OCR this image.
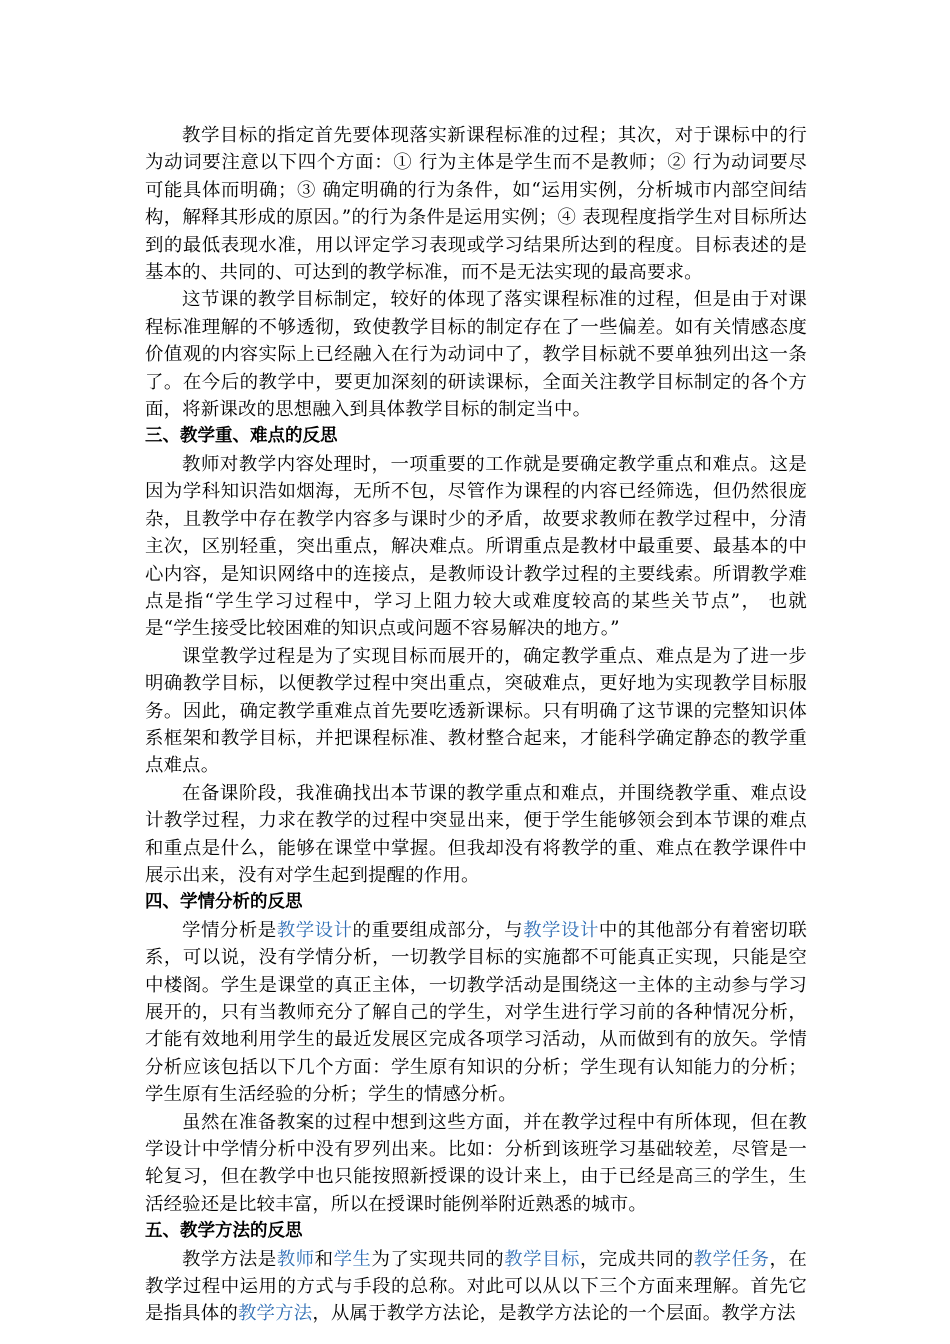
教学目标的指定首先要体现落实新课程标准的过程；其次，对于课标中的行为动词要注意以下四个方面：① 行为主体是学生而不是教师；② 行为动词要尽可能具体而明确；③ 确定明确的行为条件，如“运用实例，分析城市内部空间结构，解释其形成的原因。”的行为条件是运用实例；④ 表现程度指学生对目标所达到的最低表现水准，用以评定学习表现或学习结果所达到的程度。目标表述的是基本的、共同的、可达到的教学标准，而不是无法实现的最高要求。

这节课的教学目标制定，较好的体现了落实课程标准的过程，但是由于对课程标准理解的不够透彻，致使教学目标的制定存在了一些偏差。如有关情感态度价值观的内容实际上已经融入在行为动词中了，教学目标就不要单独列出这一条了。在今后的教学中，要更加深刻的研读课标，全面关注教学目标制定的各个方面，将新课改的思想融入到具体教学目标的制定当中。

三、教学重、难点的反思

教师对教学内容处理时，一项重要的工作就是要确定教学重点和难点。这是因为学科知识浩如烟海，无所不包，尽管作为课程的内容已经筛选，但仍然很庞杂，且教学中存在教学内容多与课时少的矛盾，故要求教师在教学过程中，分清主次，区别轻重，突出重点，解决难点。所谓重点是教材中最重要、最基本的中心内容，是知识网络中的连接点，是教师设计教学过程的主要线索。所谓教学难点是指“学生学习过程中，学习上阻力较大或难度较高的某些关节点”， 也就是“学生接受比较困难的知识点或问题不容易解决的地方。”

课堂教学过程是为了实现目标而展开的，确定教学重点、难点是为了进一步明确教学目标，以便教学过程中突出重点，突破难点，更好地为实现教学目标服务。因此，确定教学重难点首先要吃透新课标。只有明确了这节课的完整知识体系框架和教学目标，并把课程标准、教材整合起来，才能科学确定静态的教学重点难点。

在备课阶段，我准确找出本节课的教学重点和难点，并围绕教学重、难点设计教学过程，力求在教学的过程中突显出来，便于学生能够领会到本节课的难点和重点是什么，能够在课堂中掌握。但我却没有将教学的重、难点在教学课件中展示出来，没有对学生起到提醒的作用。

四、学情分析的反思

学情分析是教学设计的重要组成部分，与教学设计中的其他部分有着密切联系，可以说，没有学情分析，一切教学目标的实施都不可能真正实现，只能是空中楼阁。学生是课堂的真正主体，一切教学活动是围绕这一主体的主动参与学习展开的，只有当教师充分了解自己的学生，对学生进行学习前的各种情况分析，才能有效地利用学生的最近发展区完成各项学习活动，从而做到有的放矢。学情分析应该包括以下几个方面：学生原有知识的分析；学生现有认知能力的分析； 学生原有生活经验的分析；学生的情感分析。

虽然在准备教案的过程中想到这些方面，并在教学过程中有所体现，但在教学设计中学情分析中没有罗列出来。比如：分析到该班学习基础较差，尽管是一轮复习，但在教学中也只能按照新授课的设计来上，由于已经是高三的学生，生活经验还是比较丰富，所以在授课时能例举附近熟悉的城市。

五、教学方法的反思

教学方法是教师和学生为了实现共同的教学目标，完成共同的教学任务，在教学过程中运用的方式与手段的总称。对此可以从以下三个方面来理解。首先它是指具体的教学方法，从属于教学方法论，是教学方法论的一个层面。教学方法
